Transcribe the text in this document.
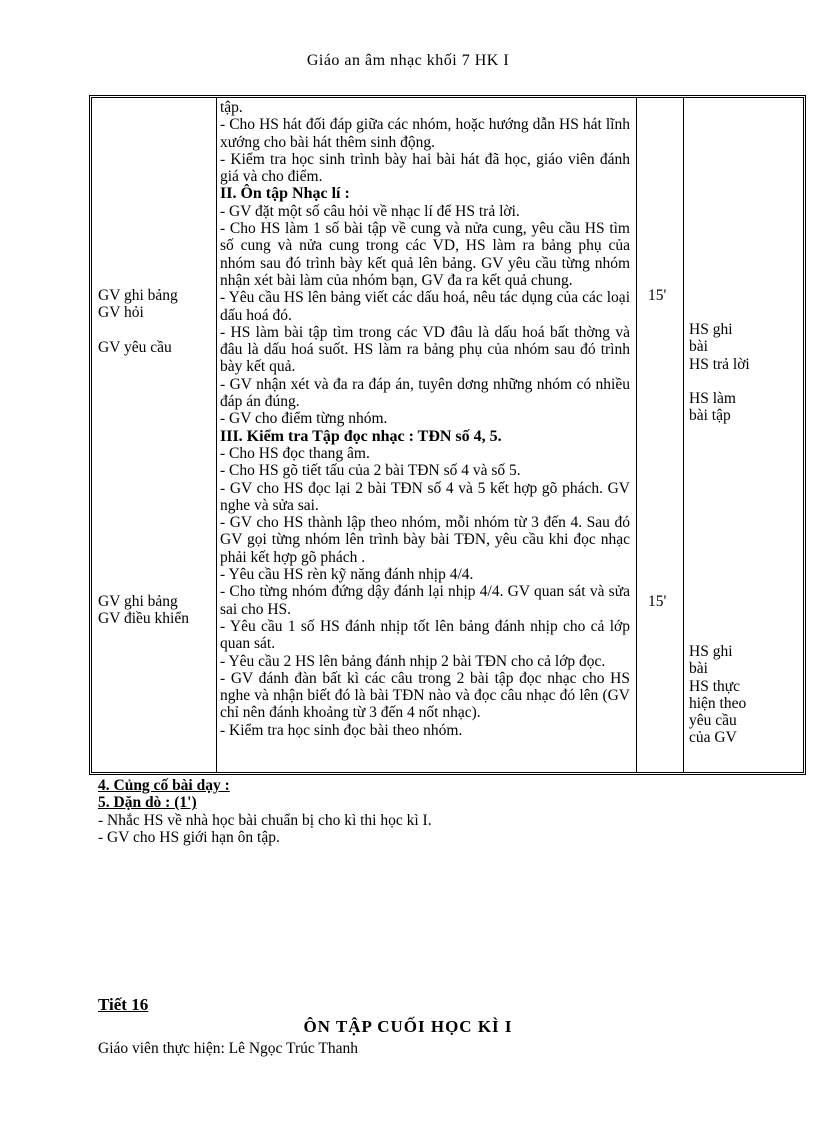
Giáo an âm nhạc khối 7 HK I
GV ghi bảng
GV hỏi
GV yêu cầu
GV ghi bảng
GV điều khiển
tập.
- Cho HS hát đối đáp giữa các nhóm, hoặc hướng dẫn HS hát lĩnh xướng cho bài hát thêm sinh động.
- Kiểm tra học sinh trình bày hai bài hát đã học, giáo viên đánh giá và cho điểm.
II. Ôn tập Nhạc lí :
- GV đặt một số câu hỏi về nhạc lí để HS trả lời.
- Cho HS làm 1 số bài tập về cung và nửa cung, yêu cầu HS tìm số cung và nửa cung trong các VD, HS làm ra bảng phụ của nhóm sau đó trình bày kết quả lên bảng. GV yêu cầu từng nhóm nhận xét bài làm của nhóm bạn, GV đa ra kết quả chung.
- Yêu cầu HS lên bảng viết các dấu hoá, nêu tác dụng của các loại dấu hoá đó.
- HS làm bài tập tìm trong các VD đâu là dấu hoá bất thờng và đâu là dấu hoá suốt. HS làm ra bảng phụ của nhóm sau đó trình bày kết quả.
- GV nhận xét và đa ra đáp án, tuyên dơng những nhóm có nhiều đáp án đúng.
- GV cho điểm từng nhóm.
III. Kiểm tra Tập đọc nhạc : TĐN số 4, 5.
- Cho HS đọc thang âm.
- Cho HS gõ tiết tấu của 2 bài TĐN số 4 và số 5.
- GV cho HS đọc lại 2 bài TĐN số 4 và 5 kết hợp gõ phách. GV nghe và sửa sai.
- GV cho HS thành lập theo nhóm, mỗi nhóm từ 3 đến 4. Sau đó GV gọi từng nhóm lên trình bày bài TĐN, yêu cầu khi đọc nhạc phải kết hợp gõ phách .
- Yêu cầu HS rèn kỹ năng đánh nhịp 4/4.
- Cho từng nhóm đứng dậy đánh lại nhịp 4/4. GV quan sát và sửa sai cho HS.
- Yêu cầu 1 số HS đánh nhịp tốt lên bảng đánh nhịp cho cả lớp quan sát.
- Yêu cầu 2 HS lên bảng đánh nhịp 2 bài TĐN cho cả lớp đọc.
- GV đánh đàn bất kì các câu trong 2 bài tập đọc nhạc cho HS nghe và nhận biết đó là bài TĐN nào và đọc câu nhạc đó lên (GV chỉ nên đánh khoảng từ 3 đến 4 nốt nhạc).
- Kiểm tra học sinh đọc bài theo nhóm.
15'
15'
HS ghi
bài
HS trả lời
HS làm
bài tập
HS ghi
bài
HS thực
hiện theo
yêu cầu
của GV
4. Củng cố bài dạy :
5. Dặn dò : (1')
- Nhắc HS về nhà học bài chuẩn bị cho kì thi học kì I.
- GV cho HS giới hạn ôn tập.
Tiết 16
ÔN TẬP CUỐI HỌC KÌ I
Giáo viên thực hiện: Lê Ngọc Trúc Thanh
